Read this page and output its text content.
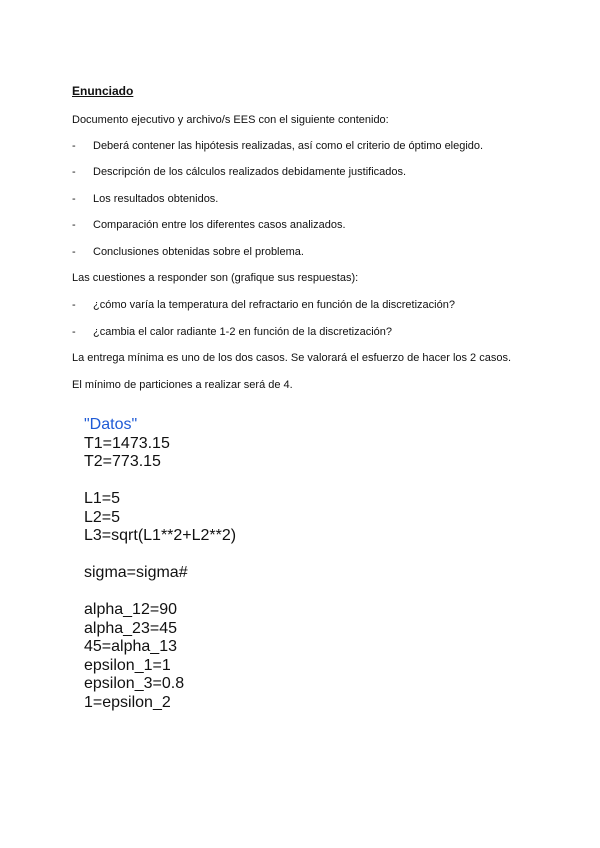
Enunciado

Documento ejecutivo y archivo/s EES con el siguiente contenido:

- Deberá contener las hipótesis realizadas, así como el criterio de óptimo elegido.
- Descripción de los cálculos realizados debidamente justificados.
- Los resultados obtenidos.
- Comparación entre los diferentes casos analizados.
- Conclusiones obtenidas sobre el problema.

Las cuestiones a responder son (grafique sus respuestas):

- ¿cómo varía la temperatura del refractario en función de la discretización?
- ¿cambia el calor radiante 1-2 en función de la discretización?

La entrega mínima es uno de los dos casos. Se valorará el esfuerzo de hacer los 2 casos.

El mínimo de particiones a realizar será de 4.

"Datos"
T1=1473.15
T2=773.15
L1=5
L2=5
L3=sqrt(L1**2+L2**2)
sigma=sigma#
alpha_12=90
alpha_23=45
45=alpha_13
epsilon_1=1
epsilon_3=0.8
1=epsilon_2
